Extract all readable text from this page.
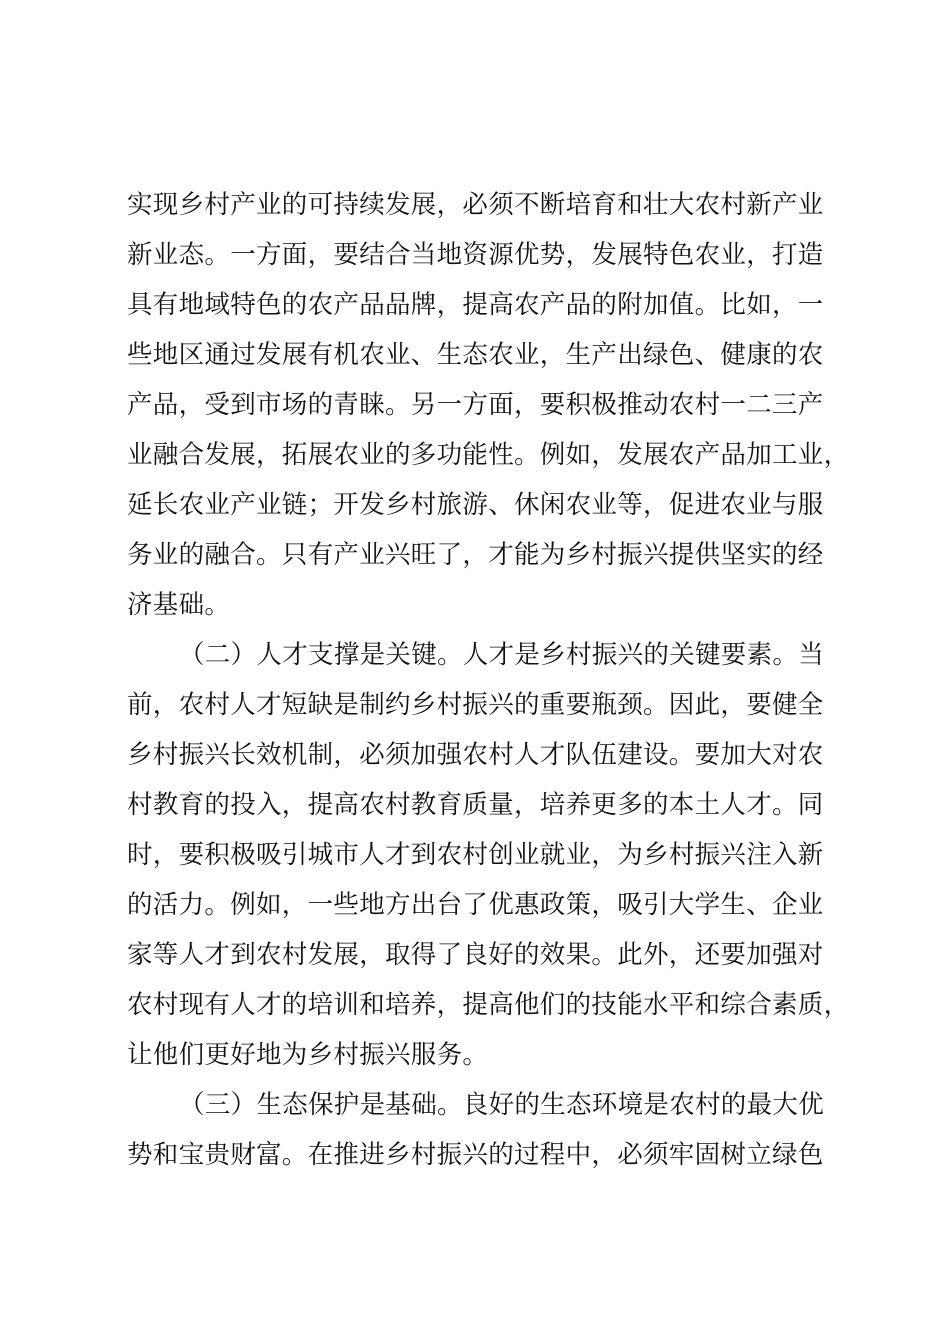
实现乡村产业的可持续发展，必须不断培育和壮大农村新产业
新业态。一方面，要结合当地资源优势，发展特色农业，打造
具有地域特色的农产品品牌，提高农产品的附加值。比如，一
些地区通过发展有机农业、生态农业，生产出绿色、健康的农
产品，受到市场的青睐。另一方面，要积极推动农村一二三产
业融合发展，拓展农业的多功能性。例如，发展农产品加工业，
延长农业产业链；开发乡村旅游、休闲农业等，促进农业与服
务业的融合。只有产业兴旺了，才能为乡村振兴提供坚实的经
济基础。
（二）人才支撑是关键。人才是乡村振兴的关键要素。当
前，农村人才短缺是制约乡村振兴的重要瓶颈。因此，要健全
乡村振兴长效机制，必须加强农村人才队伍建设。要加大对农
村教育的投入，提高农村教育质量，培养更多的本土人才。同
时，要积极吸引城市人才到农村创业就业，为乡村振兴注入新
的活力。例如，一些地方出台了优惠政策，吸引大学生、企业
家等人才到农村发展，取得了良好的效果。此外，还要加强对
农村现有人才的培训和培养，提高他们的技能水平和综合素质，
让他们更好地为乡村振兴服务。
（三）生态保护是基础。良好的生态环境是农村的最大优
势和宝贵财富。在推进乡村振兴的过程中，必须牢固树立绿色
